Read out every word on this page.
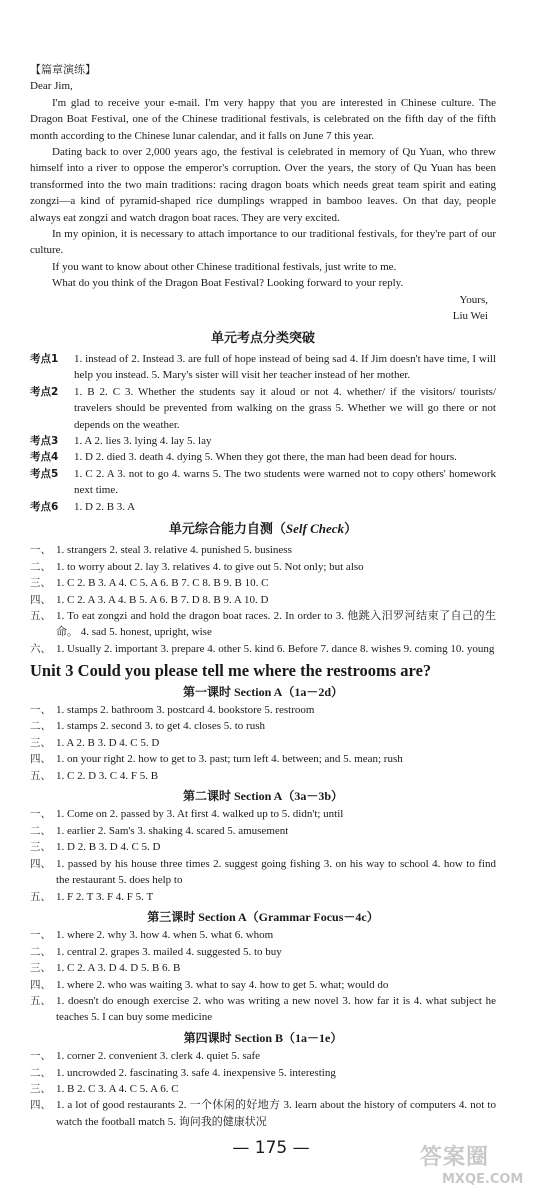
【篇章演练】

Dear Jim,

I'm glad to receive your e-mail. I'm very happy that you are interested in Chinese culture. The Dragon Boat Festival, one of the Chinese traditional festivals, is celebrated on the fifth day of the fifth month according to the Chinese lunar calendar, and it falls on June 7 this year.

Dating back to over 2,000 years ago, the festival is celebrated in memory of Qu Yuan, who threw himself into a river to oppose the emperor's corruption. Over the years, the story of Qu Yuan has been transformed into the two main traditions: racing dragon boats which needs great team spirit and eating zongzi—a kind of pyramid-shaped rice dumplings wrapped in bamboo leaves. On that day, people always eat zongzi and watch dragon boat races. They are very excited.

In my opinion, it is necessary to attach importance to our traditional festivals, for they're part of our culture.

If you want to know about other Chinese traditional festivals, just write to me.

What do you think of the Dragon Boat Festival? Looking forward to your reply.

Yours,

Liu Wei

单元考点分类突破
考点1	1. instead of 2. Instead 3. are full of hope instead of being sad 4. If Jim doesn't have time, I will help you instead. 5. Mary's sister will visit her teacher instead of her mother.
考点2	1. B 2. C 3. Whether the students say it aloud or not 4. whether/ if the visitors/ tourists/ travelers should be prevented from walking on the grass 5. Whether we will go there or not depends on the weather.
考点3	1. A 2. lies 3. lying 4. lay 5. lay
考点4	1. D 2. died 3. death 4. dying 5. When they got there, the man had been dead for hours.
考点5	1. C 2. A 3. not to go 4. warns 5. The two students were warned not to copy others' homework next time.
考点6	1. D 2. B 3. A
单元综合能力自测（Self Check）
一、 1. strangers 2. steal 3. relative 4. punished 5. business
二、 1. to worry about 2. lay 3. relatives 4. to give out 5. Not only; but also
三、 1. C 2. B 3. A 4. C 5. A 6. B 7. C 8. B 9. B 10. C
四、 1. C 2. A 3. A 4. B 5. A 6. B 7. D 8. B 9. A 10. D
五、 1. To eat zongzi and hold the dragon boat races. 2. In order to 3. 他跳入汨罗河结束了自己的生命。 4. sad 5. honest, upright, wise
六、 1. Usually 2. important 3. prepare 4. other 5. kind 6. Before 7. dance 8. wishes 9. coming 10. young
Unit 3 Could you please tell me where the restrooms are?
第一课时 Section A（1a－2d）
一、 1. stamps 2. bathroom 3. postcard 4. bookstore 5. restroom
二、 1. stamps 2. second 3. to get 4. closes 5. to rush
三、 1. A 2. B 3. D 4. C 5. D
四、 1. on your right 2. how to get to 3. past; turn left 4. between; and 5. mean; rush
五、 1. C 2. D 3. C 4. F 5. B
第二课时 Section A（3a－3b）
一、 1. Come on 2. passed by 3. At first 4. walked up to 5. didn't; until
二、 1. earlier 2. Sam's 3. shaking 4. scared 5. amusement
三、 1. D 2. B 3. D 4. C 5. D
四、 1. passed by his house three times 2. suggest going fishing 3. on his way to school 4. how to find the restaurant 5. does help to
五、 1. F 2. T 3. F 4. F 5. T
第三课时 Section A（Grammar Focus－4c）
一、 1. where 2. why 3. how 4. when 5. what 6. whom
二、 1. central 2. grapes 3. mailed 4. suggested 5. to buy
三、 1. C 2. A 3. D 4. D 5. B 6. B
四、 1. where 2. who was waiting 3. what to say 4. how to get 5. what; would do
五、 1. doesn't do enough exercise 2. who was writing a new novel 3. how far it is 4. what subject he teaches 5. I can buy some medicine
第四课时 Section B（1a－1e）
一、 1. corner 2. convenient 3. clerk 4. quiet 5. safe
二、 1. uncrowded 2. fascinating 3. safe 4. inexpensive 5. interesting
三、 1. B 2. C 3. A 4. C 5. A 6. C
四、 1. a lot of good restaurants 2. 一个休闲的好地方 3. learn about the history of computers 4. not to watch the football match 5. 询问我的健康状况
— 175 —	答案圈
MXQE.COM
